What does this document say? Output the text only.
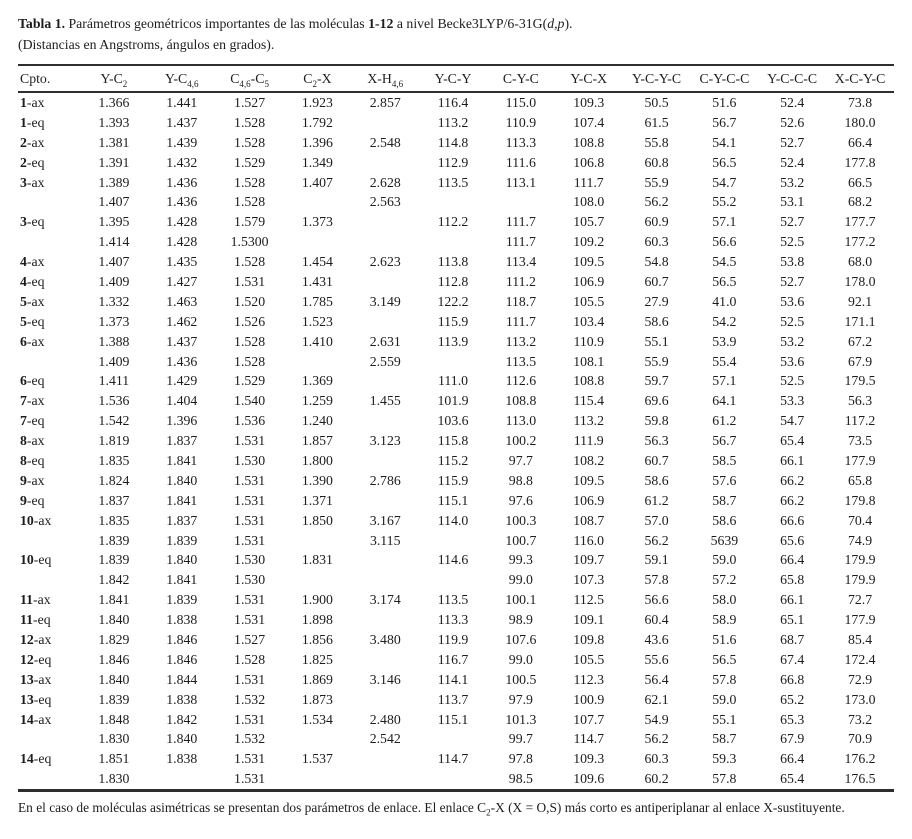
Tabla 1. Parámetros geométricos importantes de las moléculas 1-12 a nivel Becke3LYP/6-31G(d,p).

(Distancias en Angstroms, ángulos en grados).

Cpto.	$Y-C_2$	$Y-C_{4,6}$	$C_{4,6}-C_5$	$C_2-X$	$X-H_{4,6}$	Y-C-Y	C-Y-C	Y-C-X	Y-C-Y-C	C-Y-C-C	Y-C-C-C	X-C-Y-C
1-ax	1.366	1.441	1.527	1.923	2.857	116.4	115.0	109.3	50.5	51.6	52.4	73.8
1-eq	1.393	1.437	1.528	1.792		113.2	110.9	107.4	61.5	56.7	52.6	180.0
2-ax	1.381	1.439	1.528	1.396	2.548	114.8	113.3	108.8	55.8	54.1	52.7	66.4
2-eq	1.391	1.432	1.529	1.349		112.9	111.6	106.8	60.8	56.5	52.4	177.8
3-ax	1.389	1.436	1.528	1.407	2.628	113.5	113.1	111.7	55.9	54.7	53.2	66.5
	1.407	1.436	1.528		2.563			108.0	56.2	55.2	53.1	68.2
3-eq	1.395	1.428	1.579	1.373		112.2	111.7	105.7	60.9	57.1	52.7	177.7
	1.414	1.428	1.5300				111.7	109.2	60.3	56.6	52.5	177.2
4-ax	1.407	1.435	1.528	1.454	2.623	113.8	113.4	109.5	54.8	54.5	53.8	68.0
4-eq	1.409	1.427	1.531	1.431		112.8	111.2	106.9	60.7	56.5	52.7	178.0
5-ax	1.332	1.463	1.520	1.785	3.149	122.2	118.7	105.5	27.9	41.0	53.6	92.1
5-eq	1.373	1.462	1.526	1.523		115.9	111.7	103.4	58.6	54.2	52.5	171.1
6-ax	1.388	1.437	1.528	1.410	2.631	113.9	113.2	110.9	55.1	53.9	53.2	67.2
	1.409	1.436	1.528		2.559		113.5	108.1	55.9	55.4	53.6	67.9
6-eq	1.411	1.429	1.529	1.369		111.0	112.6	108.8	59.7	57.1	52.5	179.5
7-ax	1.536	1.404	1.540	1.259	1.455	101.9	108.8	115.4	69.6	64.1	53.3	56.3
7-eq	1.542	1.396	1.536	1.240		103.6	113.0	113.2	59.8	61.2	54.7	117.2
8-ax	1.819	1.837	1.531	1.857	3.123	115.8	100.2	111.9	56.3	56.7	65.4	73.5
8-eq	1.835	1.841	1.530	1.800		115.2	97.7	108.2	60.7	58.5	66.1	177.9
9-ax	1.824	1.840	1.531	1.390	2.786	115.9	98.8	109.5	58.6	57.6	66.2	65.8
9-eq	1.837	1.841	1.531	1.371		115.1	97.6	106.9	61.2	58.7	66.2	179.8
10-ax	1.835	1.837	1.531	1.850	3.167	114.0	100.3	108.7	57.0	58.6	66.6	70.4
	1.839	1.839	1.531		3.115		100.7	116.0	56.2	5639	65.6	74.9
10-eq	1.839	1.840	1.530	1.831		114.6	99.3	109.7	59.1	59.0	66.4	179.9
	1.842	1.841	1.530				99.0	107.3	57.8	57.2	65.8	179.9
11-ax	1.841	1.839	1.531	1.900	3.174	113.5	100.1	112.5	56.6	58.0	66.1	72.7
11-eq	1.840	1.838	1.531	1.898		113.3	98.9	109.1	60.4	58.9	65.1	177.9
12-ax	1.829	1.846	1.527	1.856	3.480	119.9	107.6	109.8	43.6	51.6	68.7	85.4
12-eq	1.846	1.846	1.528	1.825		116.7	99.0	105.5	55.6	56.5	67.4	172.4
13-ax	1.840	1.844	1.531	1.869	3.146	114.1	100.5	112.3	56.4	57.8	66.8	72.9
13-eq	1.839	1.838	1.532	1.873		113.7	97.9	100.9	62.1	59.0	65.2	173.0
14-ax	1.848	1.842	1.531	1.534	2.480	115.1	101.3	107.7	54.9	55.1	65.3	73.2
	1.830	1.840	1.532		2.542		99.7	114.7	56.2	58.7	67.9	70.9
14-eq	1.851	1.838	1.531	1.537		114.7	97.8	109.3	60.3	59.3	66.4	176.2
	1.830		1.531				98.5	109.6	60.2	57.8	65.4	176.5
En el caso de moléculas asimétricas se presentan dos parámetros de enlace. El enlace $C_2-X$ (X = O,S) más corto es antiperiplanar al enlace X-sustituyente.
